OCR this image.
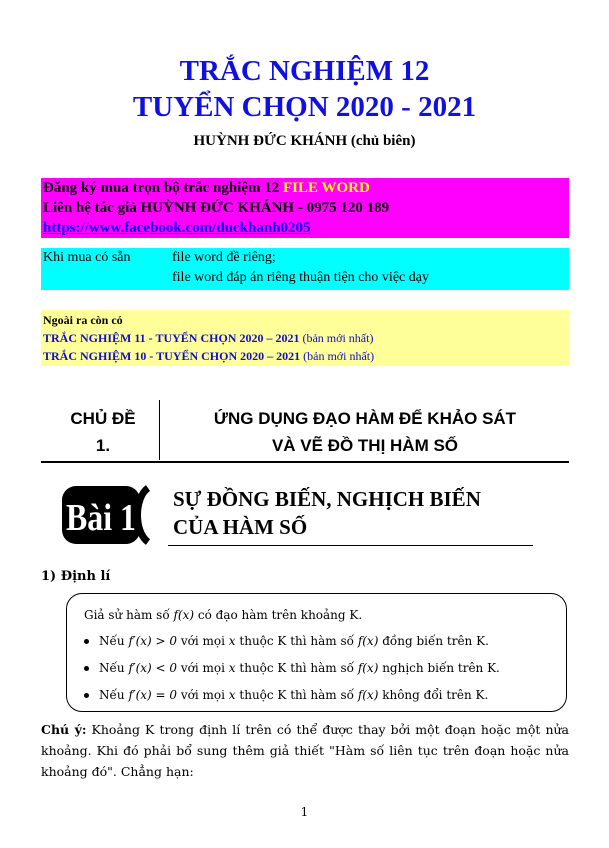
TRẮC NGHIỆM 12
TUYỂN CHỌN 2020 - 2021
HUỲNH ĐỨC KHÁNH (chủ biên)
Đăng ký mua trọn bộ trắc nghiệm 12 FILE WORD
Liên hệ tác giả HUỲNH ĐỨC KHÁNH - 0975 120 189
https://www.facebook.com/duckhanh0205
Khi mua có sẵn	file word đề riêng;
file word đáp án riêng thuận tiện cho việc dạy
Ngoài ra còn có
TRẮC NGHIỆM 11 - TUYỂN CHỌN 2020 – 2021 (bản mới nhất)
TRẮC NGHIỆM 10 - TUYỂN CHỌN 2020 – 2021 (bản mới nhất)
CHỦ ĐỀ
1.
ỨNG DỤNG ĐẠO HÀM ĐỂ KHẢO SÁT
VÀ VẼ ĐỒ THỊ HÀM SỐ
Bài 1 SỰ ĐỒNG BIẾN, NGHỊCH BIẾN
CỦA HÀM SỐ
1) Định lí
Giả sử hàm số f(x) có đạo hàm trên khoảng K.
Nếu f′(x) > 0 với mọi x thuộc K thì hàm số f(x) đồng biến trên K.
Nếu f′(x) < 0 với mọi x thuộc K thì hàm số f(x) nghịch biến trên K.
Nếu f′(x) = 0 với mọi x thuộc K thì hàm số f(x) không đổi trên K.
Chú ý: Khoảng K trong định lí trên có thể được thay bởi một đoạn hoặc một nửa khoảng. Khi đó phải bổ sung thêm giả thiết "Hàm số liên tục trên đoạn hoặc nửa khoảng đó". Chẳng hạn:
1
